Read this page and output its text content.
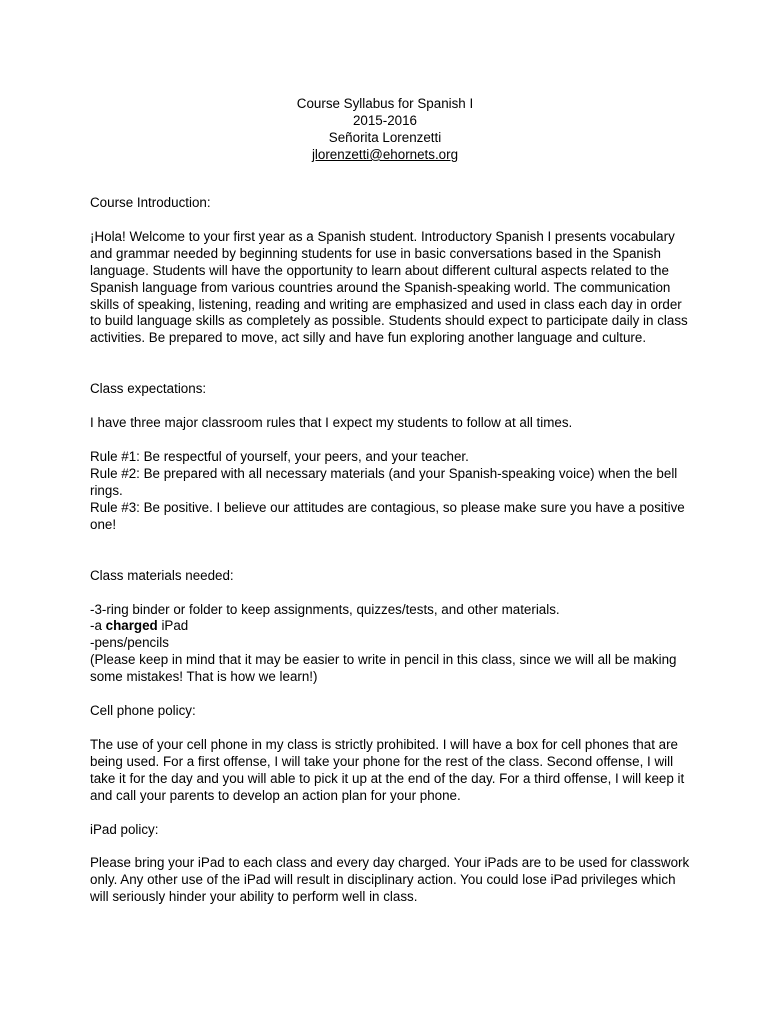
Course Syllabus for Spanish I
2015-2016
Señorita Lorenzetti
jlorenzetti@ehornets.org

Course Introduction:

¡Hola! Welcome to your first year as a Spanish student. Introductory Spanish I presents vocabulary and grammar needed by beginning students for use in basic conversations based in the Spanish language. Students will have the opportunity to learn about different cultural aspects related to the Spanish language from various countries around the Spanish-speaking world. The communication skills of speaking, listening, reading and writing are emphasized and used in class each day in order to build language skills as completely as possible. Students should expect to participate daily in class activities. Be prepared to move, act silly and have fun exploring another language and culture.

Class expectations:

I have three major classroom rules that I expect my students to follow at all times.

Rule #1: Be respectful of yourself, your peers, and your teacher.

Rule #2: Be prepared with all necessary materials (and your Spanish-speaking voice) when the bell rings.

Rule #3: Be positive. I believe our attitudes are contagious, so please make sure you have a positive one!

Class materials needed:

-3-ring binder or folder to keep assignments, quizzes/tests, and other materials.

-a charged iPad

-pens/pencils

(Please keep in mind that it may be easier to write in pencil in this class, since we will all be making some mistakes! That is how we learn!)

Cell phone policy:

The use of your cell phone in my class is strictly prohibited. I will have a box for cell phones that are being used. For a first offense, I will take your phone for the rest of the class. Second offense, I will take it for the day and you will able to pick it up at the end of the day. For a third offense, I will keep it and call your parents to develop an action plan for your phone.

iPad policy:

Please bring your iPad to each class and every day charged. Your iPads are to be used for classwork only. Any other use of the iPad will result in disciplinary action. You could lose iPad privileges which will seriously hinder your ability to perform well in class.
